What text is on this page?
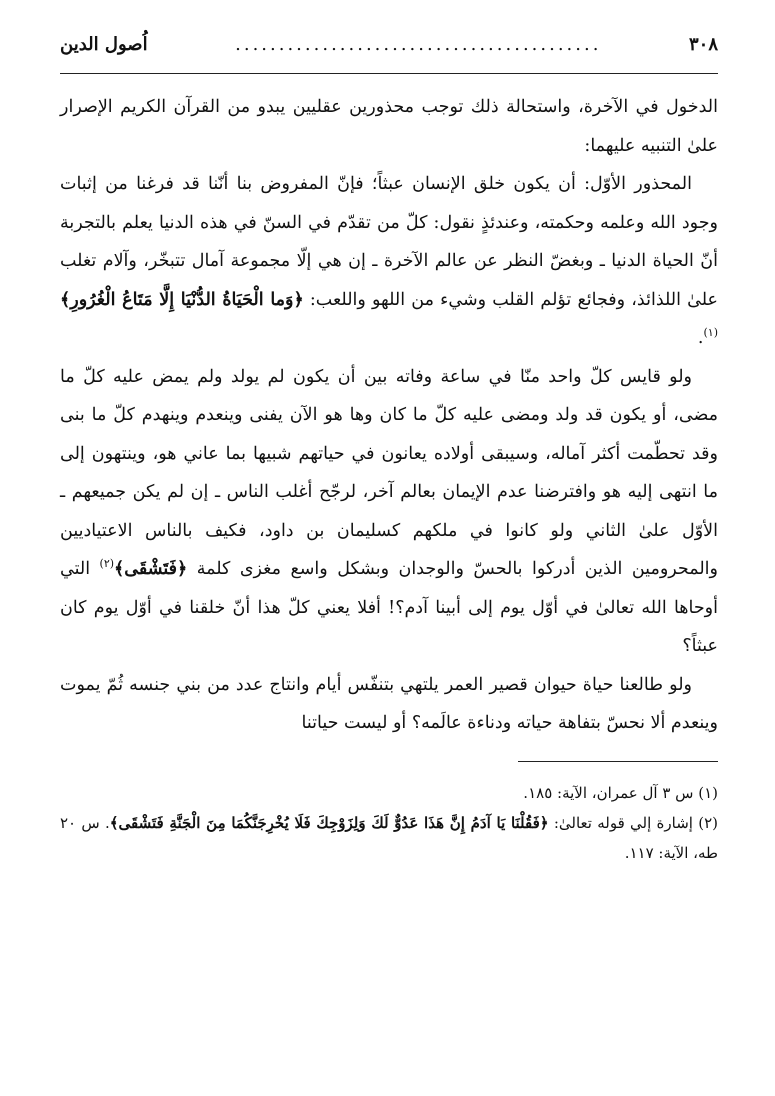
٣٠٨
..........................................
اُصول الدين

الدخول في الآخرة، واستحالة ذلك توجب محذورين عقليين يبدو من القرآن الكريم الإصرار علىٰ التنبيه عليهما:

المحذور الأوّل: أن يكون خلق الإنسان عبثاً؛ فإنّ المفروض بنا أنّنا قد فرغنا من إثبات وجود الله وعلمه وحكمته، وعندئذٍ نقول: كلّ من تقدّم في السنّ في هذه الدنيا يعلم بالتجربة أنّ الحياة الدنيا ـ وبغضّ النظر عن عالم الآخرة ـ إن هي إلّا مجموعة آمال تتبخّر، وآلام تغلب علىٰ اللذائذ، وفجائع تؤلم القلب وشيء من اللهو واللعب: ﴿وَما الْحَيَاةُ الدُّنْيَا إِلَّا مَتَاعُ الْغُرُورِ﴾$^{(١)}$.

ولو قايس كلّ واحد منّا في ساعة وفاته بين أن يكون لم يولد ولم يمض عليه كلّ ما مضى، أو يكون قد ولد ومضى عليه كلّ ما كان وها هو الآن يفنى وينعدم وينهدم كلّ ما بنى وقد تحطّمت أكثر آماله، وسيبقى أولاده يعانون في حياتهم شبيها بما عاني هو، وينتهون إلى ما انتهى إليه هو وافترضنا عدم الإيمان بعالم آخر، لرجّح أغلب الناس ـ إن لم يكن جميعهم ـ الأوّل علىٰ الثاني ولو كانوا في ملكهم كسليمان بن داود، فكيف بالناس الاعتياديين والمحرومين الذين أدركوا بالحسّ والوجدان وبشكل واسع مغزى كلمة ﴿فَتَشْقَى﴾$^{(٢)}$ التي أوحاها الله تعالىٰ في أوّل يوم إلى أبينا آدم؟! أفلا يعني كلّ هذا أنّ خلقنا في أوّل يوم كان عبثاً؟

ولو طالعنا حياة حيوان قصير العمر يلتهي بتنفّس أيام وانتاج عدد من بني جنسه ثُمّ يموت وينعدم ألا نحسّ بتفاهة حياته ودناءة عالَمه؟ أو ليست حياتنا

(١) س ٣ آل عمران، الآية: ١٨٥.

(٢) إشارة إلي قوله تعالىٰ: ﴿فَقُلْنَا يَا آدَمُ إِنَّ هَذَا عَدُوٌّ لَكَ وَلِزَوْجِكَ فَلَا يُخْرِجَنَّكُمَا مِنَ الْجَنَّةِ فَتَشْقَى﴾. س ٢٠ طه، الآية: ١١٧.
